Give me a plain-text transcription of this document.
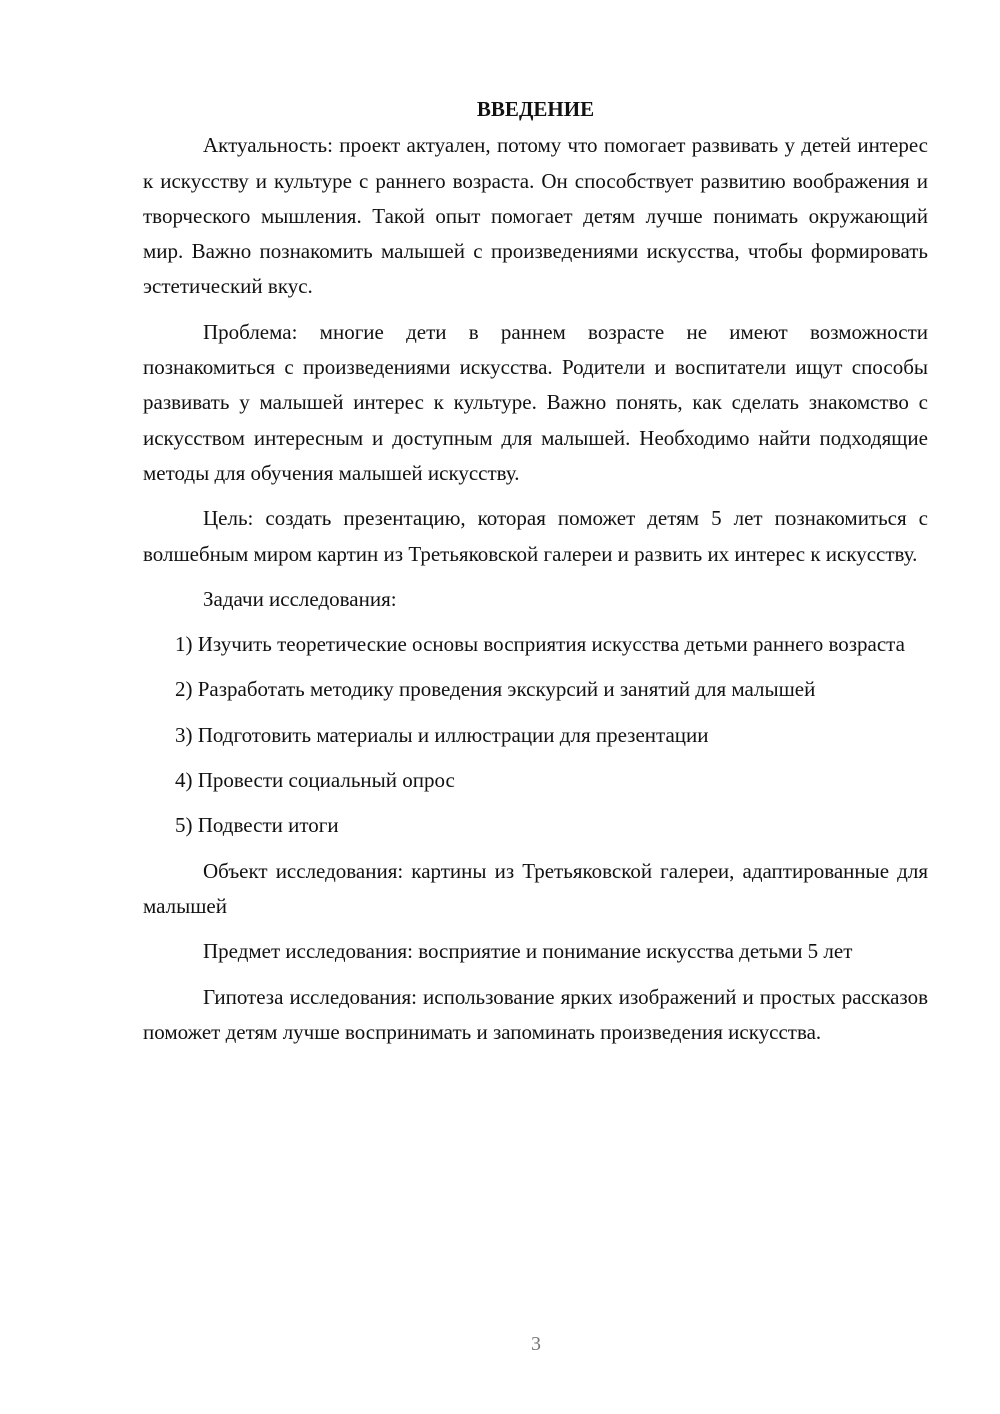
ВВЕДЕНИЕ

Актуальность: проект актуален, потому что помогает развивать у детей интерес к искусству и культуре с раннего возраста. Он способствует развитию воображения и творческого мышления. Такой опыт помогает детям лучше понимать окружающий мир. Важно познакомить малышей с произведениями искусства, чтобы формировать эстетический вкус.

Проблема: многие дети в раннем возрасте не имеют возможности познакомиться с произведениями искусства. Родители и воспитатели ищут способы развивать у малышей интерес к культуре. Важно понять, как сделать знакомство с искусством интересным и доступным для малышей. Необходимо найти подходящие методы для обучения малышей искусству.

Цель: создать презентацию, которая поможет детям 5 лет познакомиться с волшебным миром картин из Третьяковской галереи и развить их интерес к искусству.

Задачи исследования:

1) Изучить теоретические основы восприятия искусства детьми раннего возраста

2) Разработать методику проведения экскурсий и занятий для малышей

3) Подготовить материалы и иллюстрации для презентации

4) Провести социальный опрос

5) Подвести итоги

Объект исследования: картины из Третьяковской галереи, адаптированные для малышей

Предмет исследования: восприятие и понимание искусства детьми 5 лет

Гипотеза исследования: использование ярких изображений и простых рассказов поможет детям лучше воспринимать и запоминать произведения искусства.

3
